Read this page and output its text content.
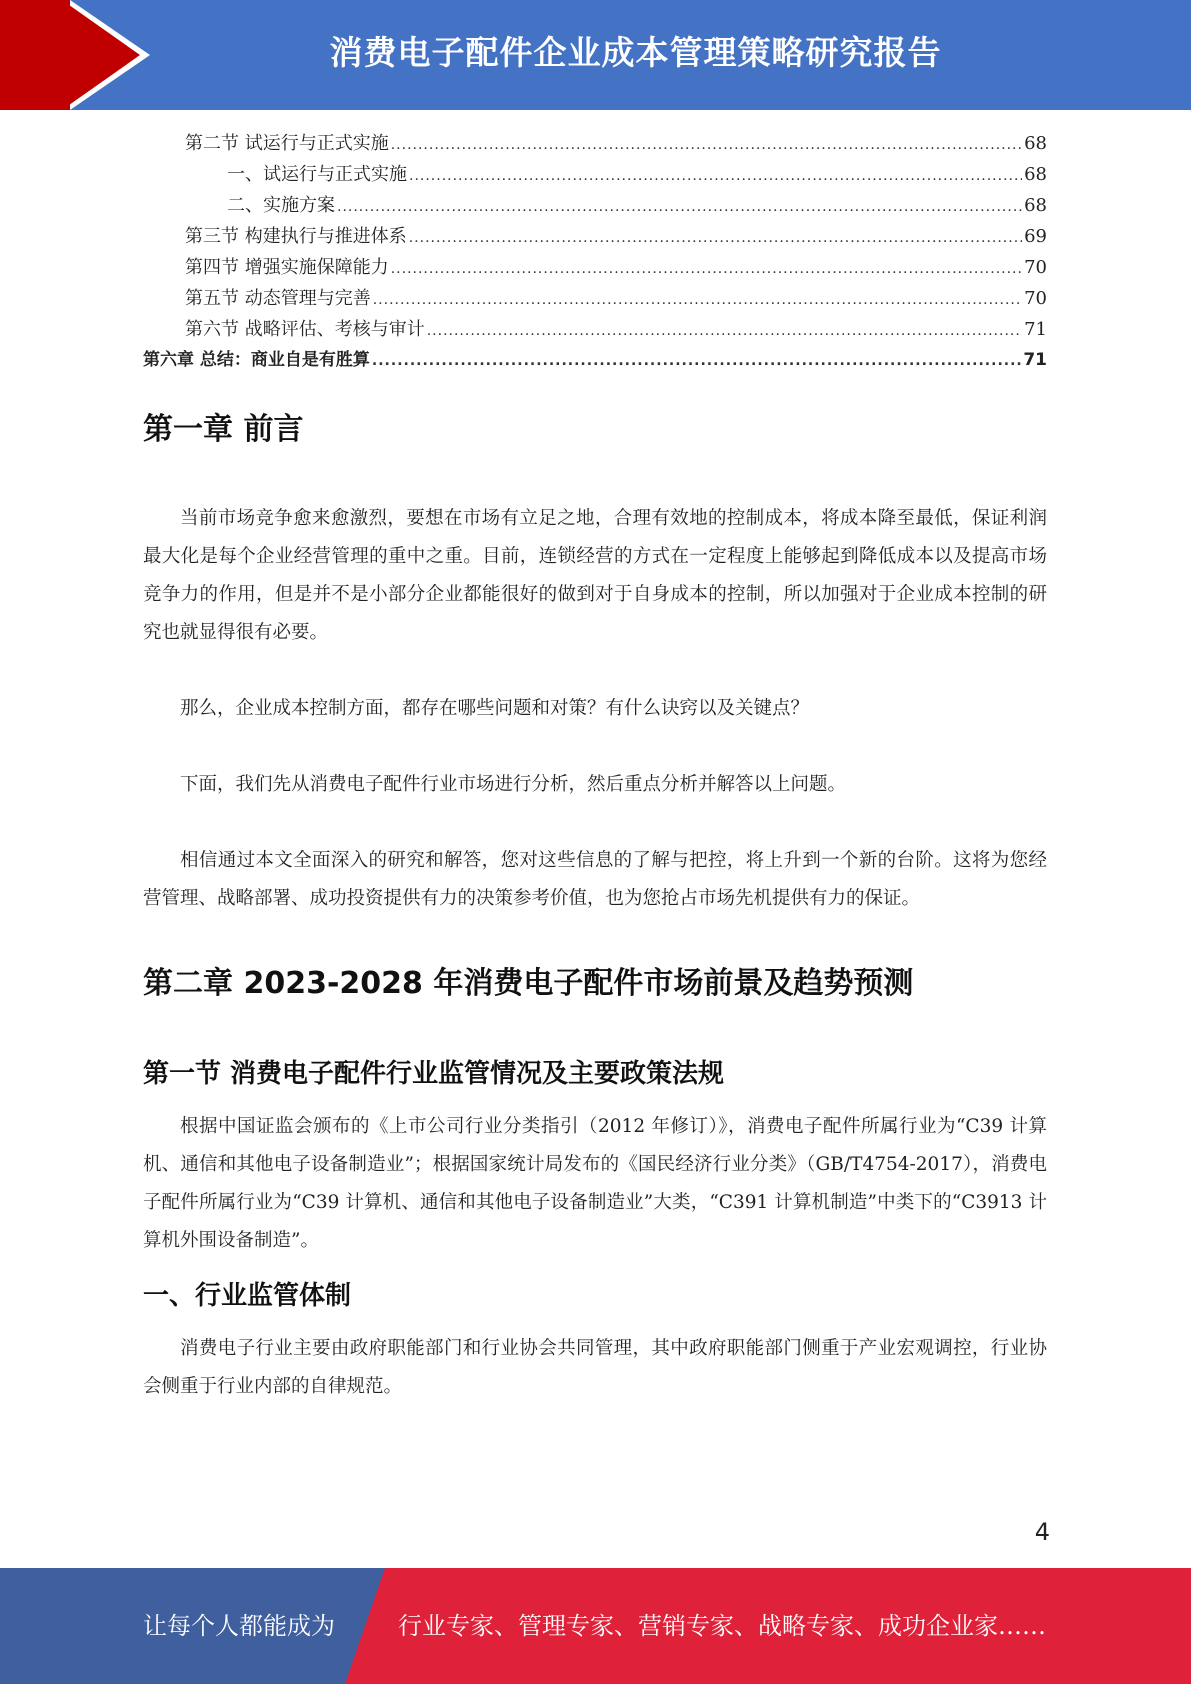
消费电子配件企业成本管理策略研究报告
第二节 试运行与正式实施 .....	68
一、试运行与正式实施 .....	68
二、实施方案 .....	68
第三节 构建执行与推进体系 .....	69
第四节 增强实施保障能力 .....	70
第五节 动态管理与完善 .....	70
第六节 战略评估、考核与审计 .....	71
第六章 总结：商业自是有胜算 .....	71
第一章 前言

当前市场竞争愈来愈激烈，要想在市场有立足之地，合理有效地的控制成本，将成本降至最低，保证利润最大化是每个企业经营管理的重中之重。目前，连锁经营的方式在一定程度上能够起到降低成本以及提高市场竞争力的作用，但是并不是小部分企业都能很好的做到对于自身成本的控制，所以加强对于企业成本控制的研究也就显得很有必要。

那么，企业成本控制方面，都存在哪些问题和对策？有什么诀窍以及关键点？

下面，我们先从消费电子配件行业市场进行分析，然后重点分析并解答以上问题。

相信通过本文全面深入的研究和解答，您对这些信息的了解与把控，将上升到一个新的台阶。这将为您经营管理、战略部署、成功投资提供有力的决策参考价值，也为您抢占市场先机提供有力的保证。

第二章 2023-2028 年消费电子配件市场前景及趋势预测
第一节 消费电子配件行业监管情况及主要政策法规

根据中国证监会颁布的《上市公司行业分类指引（2012 年修订）》，消费电子配件所属行业为“C39 计算机、通信和其他电子设备制造业”；根据国家统计局发布的《国民经济行业分类》（GB/T4754-2017），消费电子配件所属行业为“C39 计算机、通信和其他电子设备制造业”大类，“C391 计算机制造”中类下的“C3913 计算机外围设备制造”。

一、行业监管体制

消费电子行业主要由政府职能部门和行业协会共同管理，其中政府职能部门侧重于产业宏观调控，行业协会侧重于行业内部的自律规范。

4
让每个人都能成为	行业专家、管理专家、营销专家、战略专家、成功企业家……
